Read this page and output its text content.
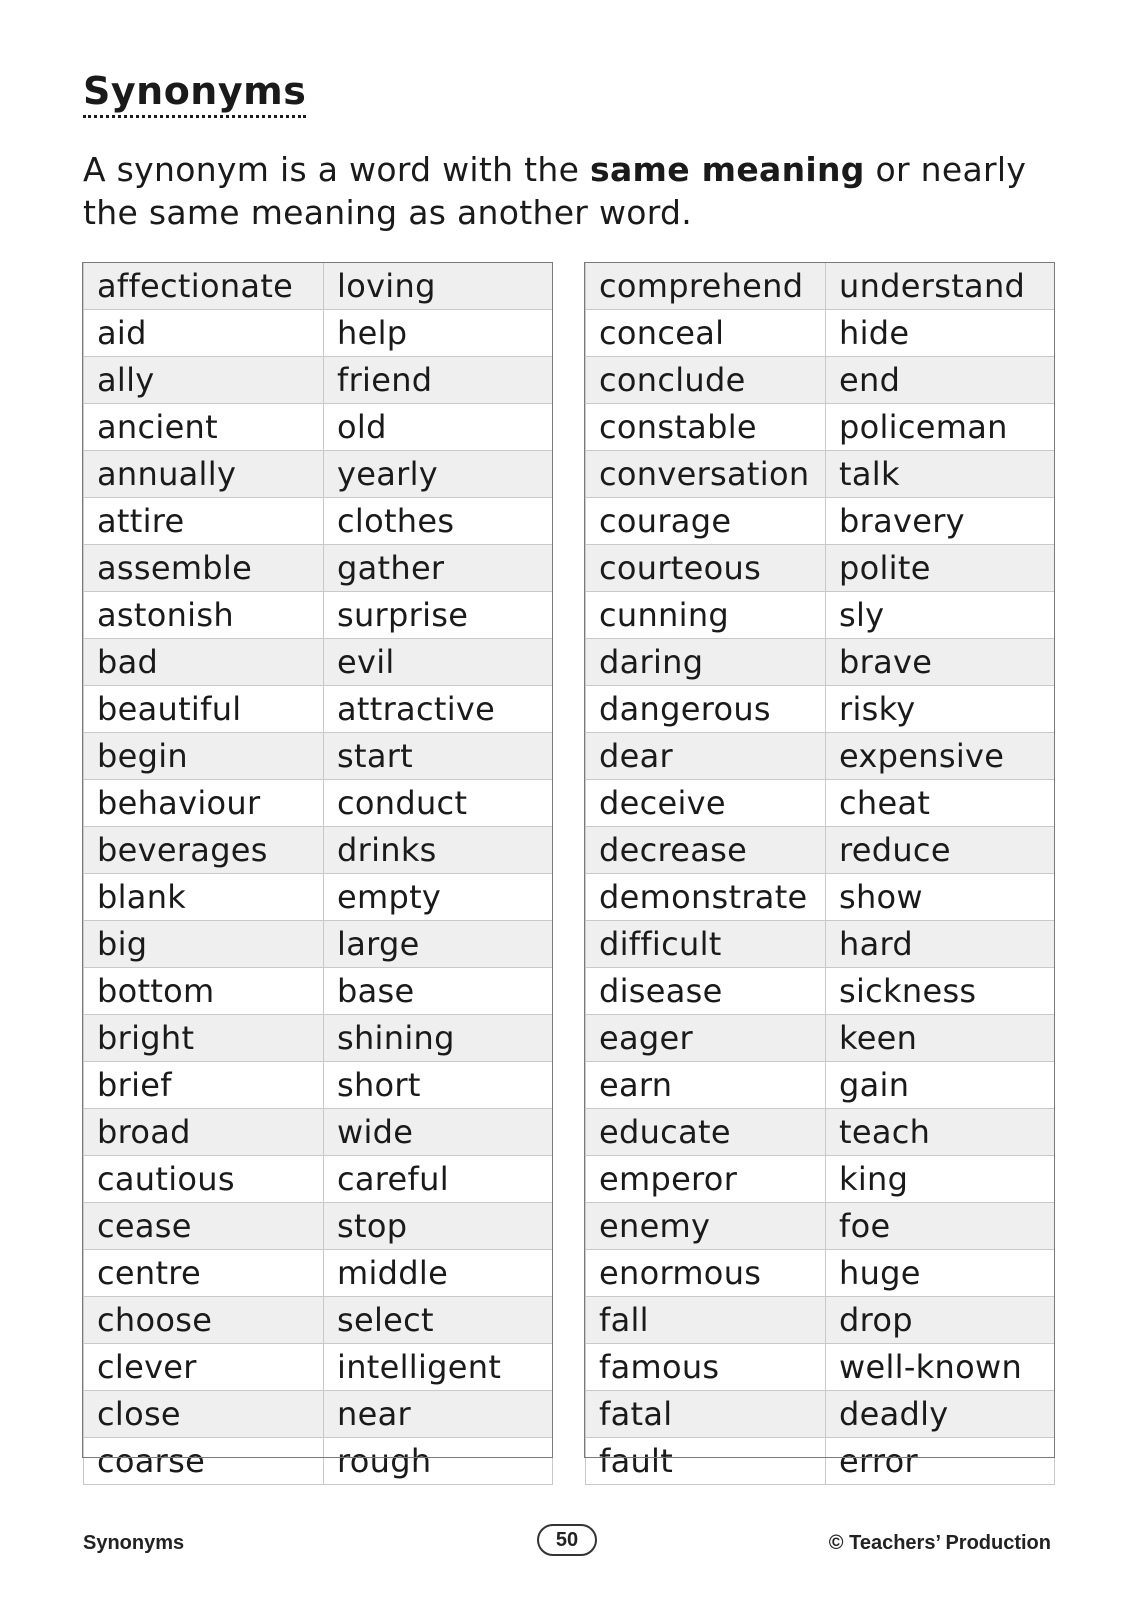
Synonyms

A synonym is a word with the same meaning or nearly the same meaning as another word.

affectionate	loving
aid	help
ally	friend
ancient	old
annually	yearly
attire	clothes
assemble	gather
astonish	surprise
bad	evil
beautiful	attractive
begin	start
behaviour	conduct
beverages	drinks
blank	empty
big	large
bottom	base
bright	shining
brief	short
broad	wide
cautious	careful
cease	stop
centre	middle
choose	select
clever	intelligent
close	near
coarse	rough
comprehend	understand
conceal	hide
conclude	end
constable	policeman
conversation	talk
courage	bravery
courteous	polite
cunning	sly
daring	brave
dangerous	risky
dear	expensive
deceive	cheat
decrease	reduce
demonstrate	show
difficult	hard
disease	sickness
eager	keen
earn	gain
educate	teach
emperor	king
enemy	foe
enormous	huge
fall	drop
famous	well-known
fatal	deadly
fault	error
Synonyms	50	© Teachers’ Production
